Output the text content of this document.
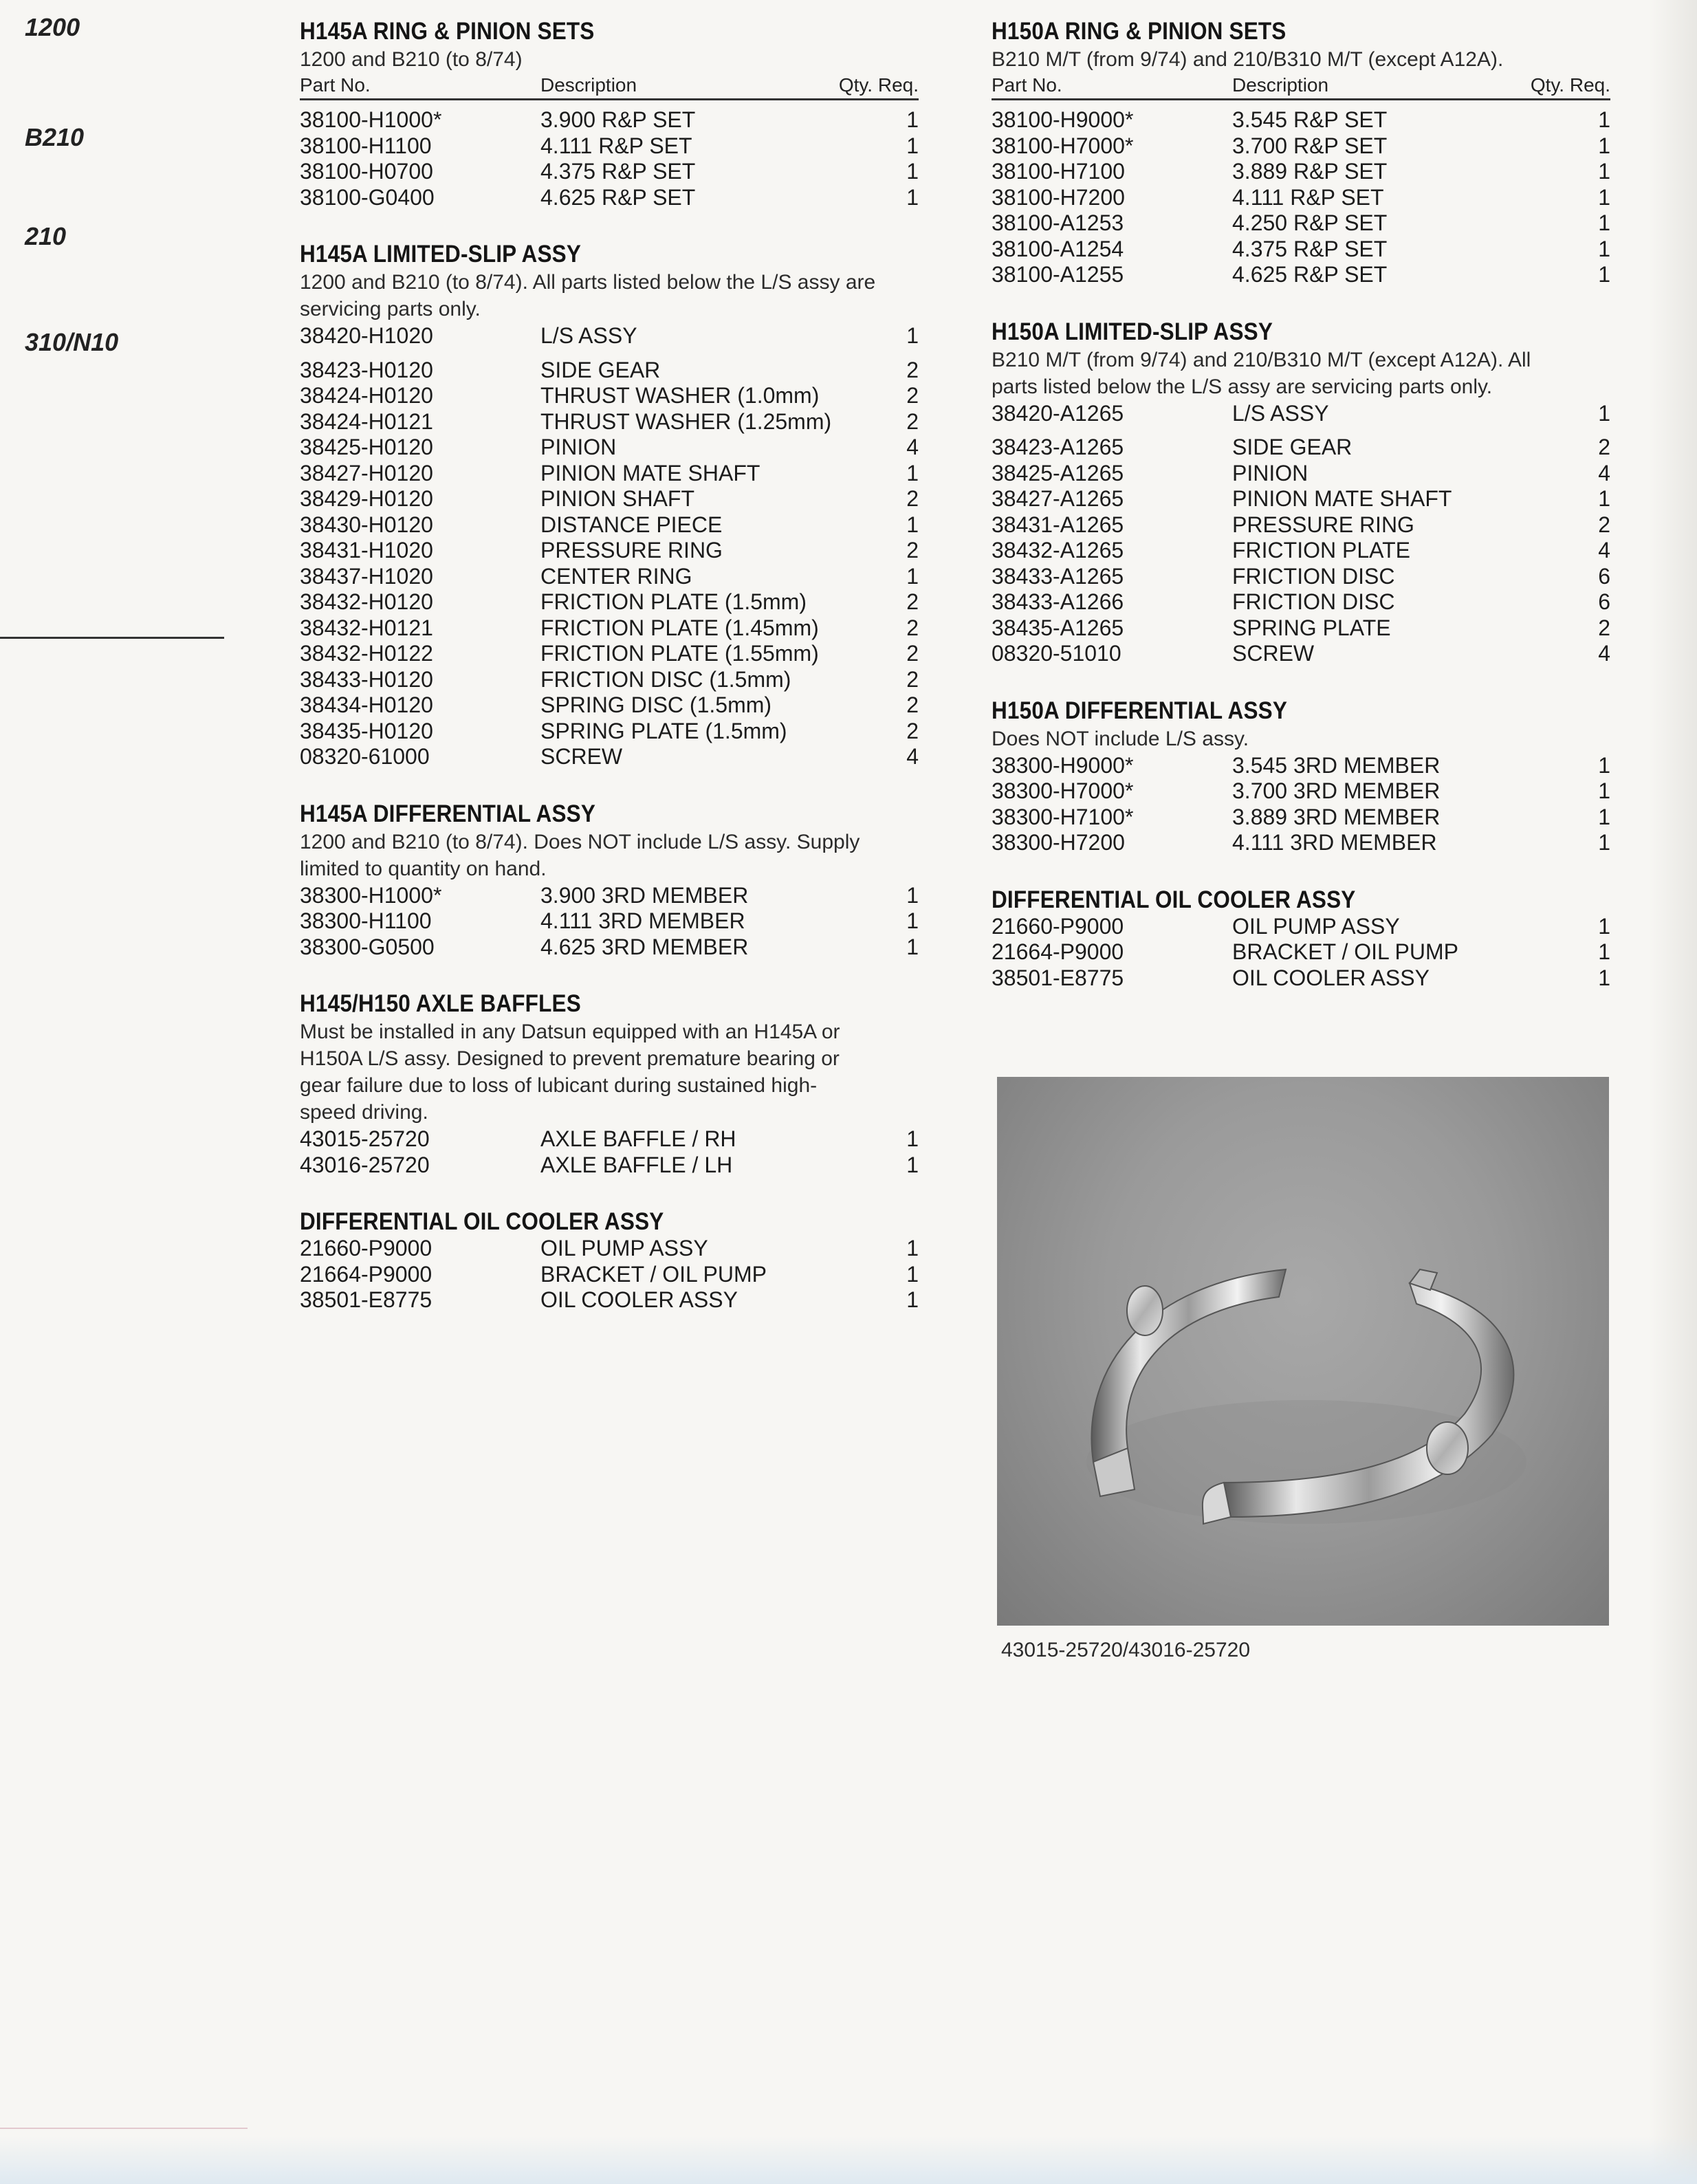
1200
B210
210
310/N10
H145A RING & PINION SETS
1200 and B210 (to 8/74)
Part No.	Description	Qty. Req.
38100-H1000*	3.900 R&P SET	1
38100-H1100	4.111 R&P SET	1
38100-H0700	4.375 R&P SET	1
38100-G0400	4.625 R&P SET	1
H145A LIMITED-SLIP ASSY
1200 and B210 (to 8/74). All parts listed below the L/S assy are
servicing parts only.
38420-H1020	L/S ASSY	1
38423-H0120	SIDE GEAR	2
38424-H0120	THRUST WASHER (1.0mm)	2
38424-H0121	THRUST WASHER (1.25mm)	2
38425-H0120	PINION	4
38427-H0120	PINION MATE SHAFT	1
38429-H0120	PINION SHAFT	2
38430-H0120	DISTANCE PIECE	1
38431-H1020	PRESSURE RING	2
38437-H1020	CENTER RING	1
38432-H0120	FRICTION PLATE (1.5mm)	2
38432-H0121	FRICTION PLATE (1.45mm)	2
38432-H0122	FRICTION PLATE (1.55mm)	2
38433-H0120	FRICTION DISC (1.5mm)	2
38434-H0120	SPRING DISC (1.5mm)	2
38435-H0120	SPRING PLATE (1.5mm)	2
08320-61000	SCREW	4
H145A DIFFERENTIAL ASSY
1200 and B210 (to 8/74). Does NOT include L/S assy. Supply
limited to quantity on hand.
38300-H1000*	3.900 3RD MEMBER	1
38300-H1100	4.111 3RD MEMBER	1
38300-G0500	4.625 3RD MEMBER	1
H145/H150 AXLE BAFFLES
Must be installed in any Datsun equipped with an H145A or
H150A L/S assy. Designed to prevent premature bearing or
gear failure due to loss of lubicant during sustained high-
speed driving.
43015-25720	AXLE BAFFLE / RH	1
43016-25720	AXLE BAFFLE / LH	1
DIFFERENTIAL OIL COOLER ASSY
21660-P9000	OIL PUMP ASSY	1
21664-P9000	BRACKET / OIL PUMP	1
38501-E8775	OIL COOLER ASSY	1
H150A RING & PINION SETS
B210 M/T (from 9/74) and 210/B310 M/T (except A12A).
Part No.	Description	Qty. Req.
38100-H9000*	3.545 R&P SET	1
38100-H7000*	3.700 R&P SET	1
38100-H7100	3.889 R&P SET	1
38100-H7200	4.111 R&P SET	1
38100-A1253	4.250 R&P SET	1
38100-A1254	4.375 R&P SET	1
38100-A1255	4.625 R&P SET	1
H150A LIMITED-SLIP ASSY
B210 M/T (from 9/74) and 210/B310 M/T (except A12A). All
parts listed below the L/S assy are servicing parts only.
38420-A1265	L/S ASSY	1
38423-A1265	SIDE GEAR	2
38425-A1265	PINION	4
38427-A1265	PINION MATE SHAFT	1
38431-A1265	PRESSURE RING	2
38432-A1265	FRICTION PLATE	4
38433-A1265	FRICTION DISC	6
38433-A1266	FRICTION DISC	6
38435-A1265	SPRING PLATE	2
08320-51010	SCREW	4
H150A DIFFERENTIAL ASSY
Does NOT include L/S assy.
38300-H9000*	3.545 3RD MEMBER	1
38300-H7000*	3.700 3RD MEMBER	1
38300-H7100*	3.889 3RD MEMBER	1
38300-H7200	4.111 3RD MEMBER	1
DIFFERENTIAL OIL COOLER ASSY
21660-P9000	OIL PUMP ASSY	1
21664-P9000	BRACKET / OIL PUMP	1
38501-E8775	OIL COOLER ASSY	1
43015-25720/43016-25720
